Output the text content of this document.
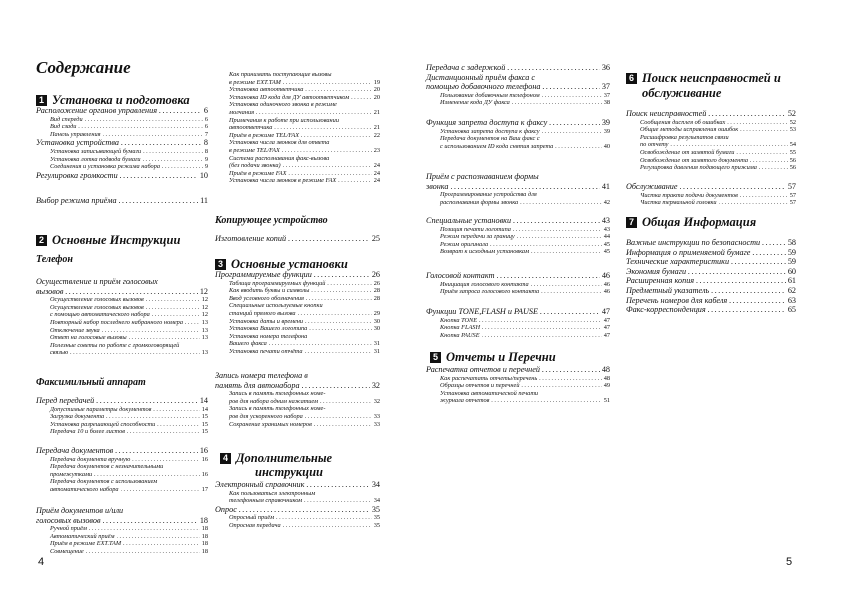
Содержание
1 Установка и подготовка
Расположение органов управления .....	6
Вид спереди .....	6
Вид сзади .....	6
Панель управления .....	7
Установка устройства .....	8
Установка записывающей бумаги .....	8
Установка лотка подвода бумаги .....	9
Соединения и установка режима набора .....	9
Регулировка громкости .....	10
Выбор режима приёма .....	11
2 Основные Инструкции
Телефон
Осуществление и приём голосовых
вызовов .....	12
Осуществление голосовых вызовов .....	12
Осуществление голосовых вызовов .....	12
с помощью автоматического набора .....	12
Повторный набор последнего набранного номера .....	13
Отключение звука .....	13
Ответ на голосовые вызовы .....	13
Полезные советы по работе с громкоговорящей
связью .....	13
Факсимильный аппарат
Перед передачей .....	14
Допустимые параметры документов .....	14
Загрузка документа .....	15
Установка разрешающей способности .....	15
Передача 10 и более листов .....	15
Передача документов .....	16
Передача документа вручную .....	16
Передача документов с незначительными
промежутками .....	16
Передача документов с использованием
автоматического набора .....	17
Приём документов и/или
голосовых вызовов .....	18
Ручной приём .....	18
Автоматический приём .....	18
Приём в режиме EXT.TAM .....	18
Совмещение .....	18
4
Как принимать поступающие вызовы
в режиме EXT.TAM .....	19
Установка автоответчика .....	20
Установка ID кода для ДУ автоответчиком .....	20
Установка одиночного звонка в режиме
молчания .....	21
Примечания к работе при использовании
автоответчика .....	21
Приём в режиме TEL/FAX .....	22
Установка числа звонков для ответа
в режиме TEL/FAX .....	23
Система распознавания факс-вызова
(без подачи звонка) .....	24
Приём в режиме FAX .....	24
Установка числа звонков в режиме FAX .....	24
Копирующее устройство
Изготовление копий .....	25
3 Основные установки
Программируемые функции .....	26
Таблица программируемых функций .....	26
Как вводить буквы и символы .....	28
Ввод условного обозначения .....	28
Специальные используемые кнопки
станций прямого вызова .....	29
Установка даты и времени .....	30
Установка Вашего логотипа .....	30
Установка номера телефона
Вашего факса .....	31
Установка печати отчёта .....	31
Запись номера телефона в
память для автонабора .....	32
Запись в память телефонных номе-
ров для набора одним нажатием .....	32
Запись в память телефонных номе-
ров для ускоренного набора .....	33
Сохранение хранимых номеров .....	33
4 Дополнительные
инструкции
Электронный справочник .....	34
Как пользоваться электронным
телефонным справочником .....	34
Опрос .....	35
Опросный приём .....	35
Опросная передача .....	35
Передача с задержкой .....	36
Дистанционный приём факса с
помощью добавочного телефона .....	37
Пользование добавочным телефоном .....	37
Изменение кода ДУ факса .....	38
Функция запрета доступа к факсу .....	39
Установка запрета доступа к факсу .....	39
Передача документов на Ваш факс с
с использованием ID кода снятия запрета .....	40
Приём с распознаванием формы
звонка .....	41
Программирование устройства для
распознавания формы звонка .....	42
Специальные установки .....	43
Позиция печати логотипа .....	43
Режим передачи за границу .....	44
Режим оригинала .....	45
Возврат к исходным установкам .....	45
Голосовой контакт .....	46
Инициация голосового контакта .....	46
Приём запроса голосового контакта .....	46
Функции TONE,FLASH и PAUSE .....	47
Кнопка TONE .....	47
Кнопка FLASH .....	47
Кнопка PAUSE .....	47
5 Отчеты и Перечни
Распечатка отчетов и перечней .....	48
Как распечатать отчеты/перечень .....	48
Образцы отчетов и перечней .....	49
Установка автоматической печати
журнала отчетов .....	51
6 Поиск неисправностей и
обслуживание
Поиск неисправностей .....	52
Сообщения дисплея об ошибках .....	52
Общие методы исправления ошибок .....	53
Расшифровка результатов связи
по отчету .....	54
Освобождение от замятой бумаги .....	55
Освобождение от замятого документа .....	56
Регулировка давления подающего прижима .....	56
Обслуживание .....	57
Чистка тракта подачи документов .....	57
Чистка термальной головки .....	57
7 Общая Информация
Важные инструкции по безопасности .....	58
Информация о применяемой бумаге .....	59
Технические характеристики .....	59
Экономия бумаги .....	60
Расширенная копия .....	61
Предметный указатель .....	62
Перечень номеров для кабеля .....	63
Факс-корреспонденция .....	65
5
